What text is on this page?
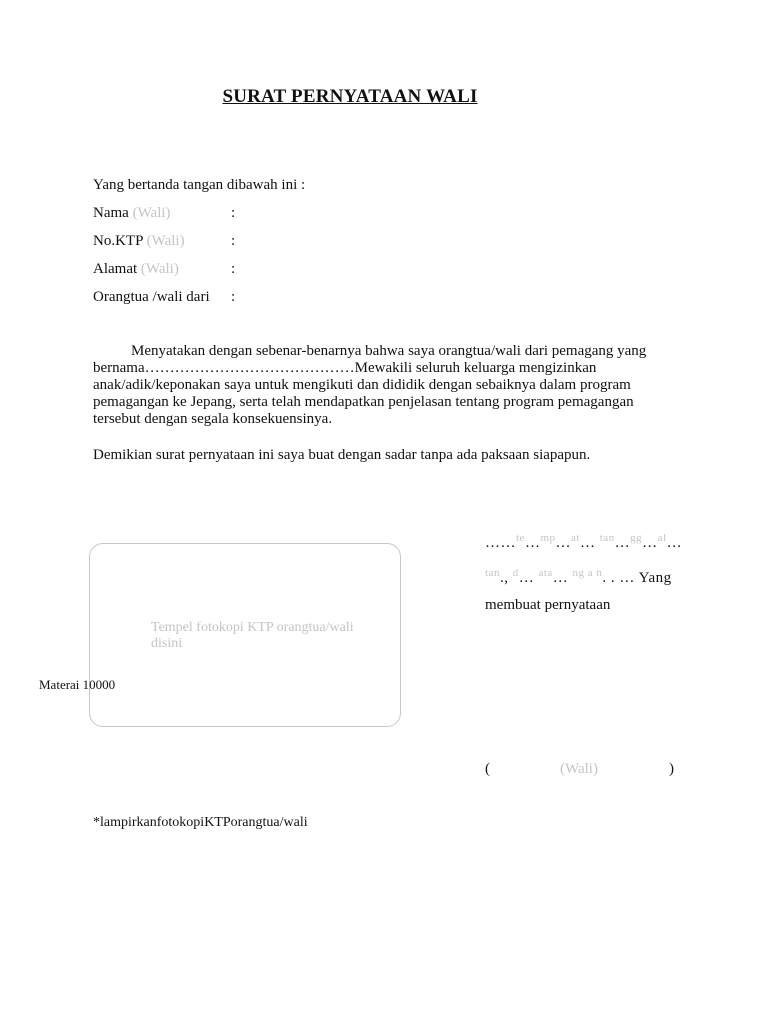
SURAT PERNYATAAN WALI
Yang bertanda tangan dibawah ini :
Nama (Wali)	:
No.KTP (Wali)	:
Alamat (Wali)	:
Orangtua /wali dari :
Menyatakan dengan sebenar-benarnya bahwa saya orangtua/wali dari pemagang yang bernama……………………………………Mewakili seluruh keluarga mengizinkan anak/adik/keponakan saya untuk mengikuti dan dididik dengan sebaiknya dalam program pemagangan ke Jepang, serta telah mendapatkan penjelasan tentang program pemagangan tersebut dengan segala konsekuensinya.
Demikian surat pernyataan ini saya buat dengan sadar tanpa ada paksaan siapapun.
Tempel fotokopi KTP orangtua/wali disini
Materai 10000
……$^{te}$…$^{mp}$…$^{at}$… $^{tan}$…$^{gg}$…$^{al}$…
$^{tan}$., $^d$… $^{ata}$… $^{ng a n}$. . … Yang
membuat pernyataan
(	(Wali)	)
*lampirkanfotokopiKTPorangtua/wali
